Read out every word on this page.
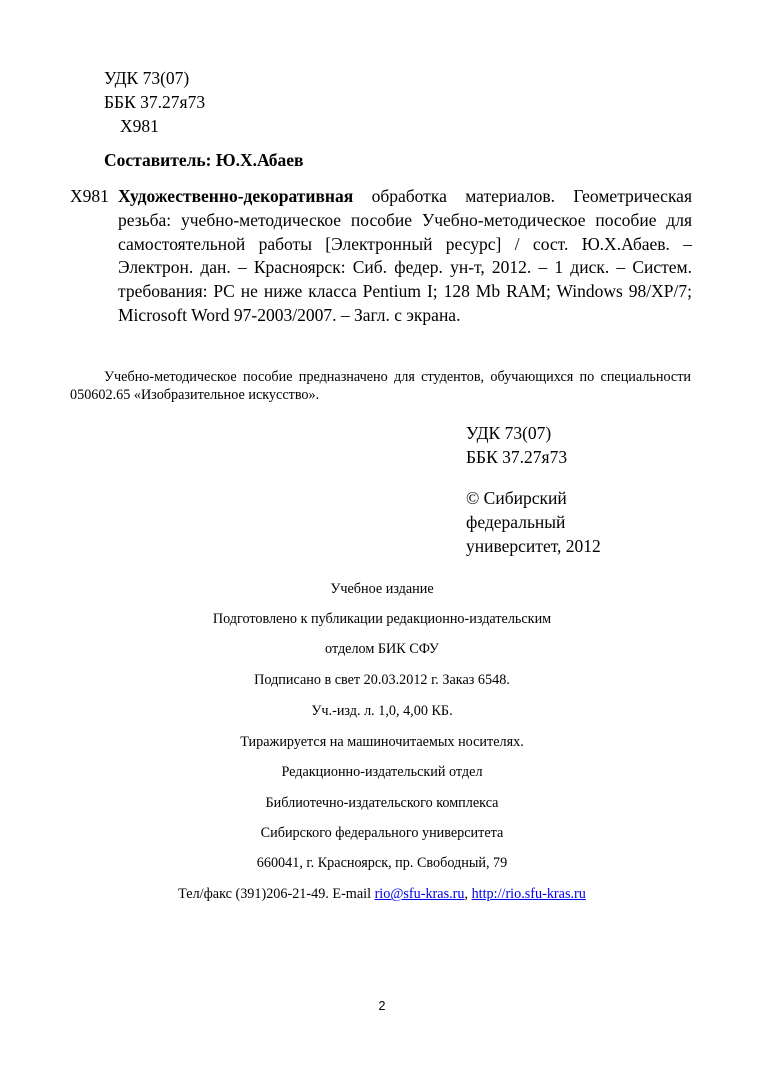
УДК 73(07)
ББК 37.27я73
Х981
Составитель: Ю.Х.Абаев
Х981 Художественно-декоративная обработка материалов. Геометрическая резьба: учебно-методическое пособие Учебно-методическое пособие для самостоятельной работы [Электронный ресурс] / сост. Ю.Х.Абаев. – Электрон. дан. – Красноярск: Сиб. федер. ун-т, 2012. – 1 диск. – Систем. требования: PC не ниже класса Pentium I; 128 Mb RAM; Windows 98/XP/7; Microsoft Word 97-2003/2007. – Загл. с экрана.
Учебно-методическое пособие предназначено для студентов, обучающихся по специальности 050602.65 «Изобразительное искусство».
УДК 73(07)
ББК 37.27я73
© Сибирский
федеральный
университет, 2012
Учебное издание
Подготовлено к публикации редакционно-издательским
отделом БИК СФУ
Подписано в свет 20.03.2012 г. Заказ 6548.
Уч.-изд. л. 1,0, 4,00 КБ.
Тиражируется на машиночитаемых носителях.
Редакционно-издательский отдел
Библиотечно-издательского комплекса
Сибирского федерального университета
660041, г. Красноярск, пр. Свободный, 79
Тел/факс (391)206-21-49. E-mail rio@sfu-kras.ru, http://rio.sfu-kras.ru
2
